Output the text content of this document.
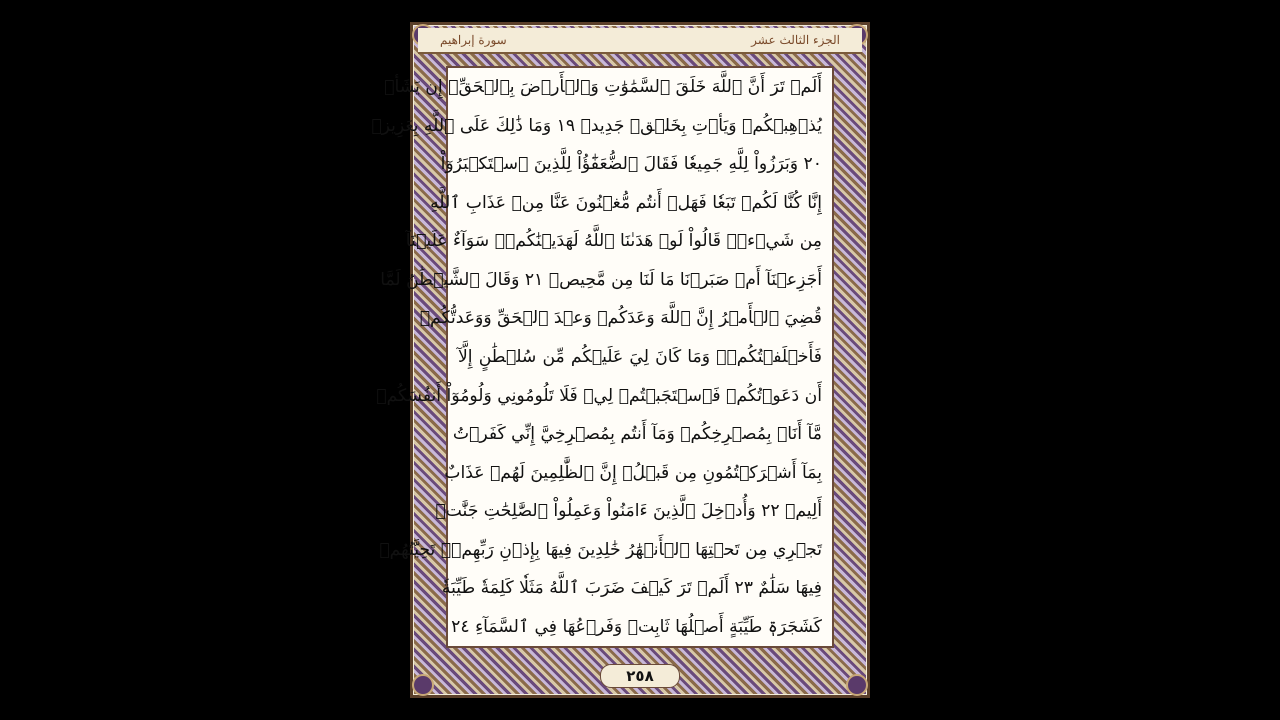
سورة إبراهيم	الجزء الثالث عشر
أَلَمۡ تَرَ أَنَّ ٱللَّهَ خَلَقَ ٱلسَّمَٰوَٰتِ وَٱلۡأَرۡضَ بِٱلۡحَقِّۚ إِن يَشَأۡ
يُذۡهِبۡكُمۡ وَيَأۡتِ بِخَلۡقٖ جَدِيدٖ ١٩ وَمَا ذَٰلِكَ عَلَى ٱللَّهِ بِعَزِيزٖ
٢٠ وَبَرَزُواْ لِلَّهِ جَمِيعٗا فَقَالَ ٱلضُّعَفَٰٓؤُاْ لِلَّذِينَ ٱسۡتَكۡبَرُوٓاْ
إِنَّا كُنَّا لَكُمۡ تَبَعٗا فَهَلۡ أَنتُم مُّغۡنُونَ عَنَّا مِنۡ عَذَابِ ٱللَّهِ
مِن شَيۡءٖۚ قَالُواْ لَوۡ هَدَىٰنَا ٱللَّهُ لَهَدَيۡنَٰكُمۡۖ سَوَآءٌ عَلَيۡنَآ
أَجَزِعۡنَآ أَمۡ صَبَرۡنَا مَا لَنَا مِن مَّحِيصٖ ٢١ وَقَالَ ٱلشَّيۡطَٰنُ لَمَّا
قُضِيَ ٱلۡأَمۡرُ إِنَّ ٱللَّهَ وَعَدَكُمۡ وَعۡدَ ٱلۡحَقِّ وَوَعَدتُّكُمۡ
فَأَخۡلَفۡتُكُمۡۖ وَمَا كَانَ لِيَ عَلَيۡكُم مِّن سُلۡطَٰنٍ إِلَّآ
أَن دَعَوۡتُكُمۡ فَٱسۡتَجَبۡتُمۡ لِيۖ فَلَا تَلُومُونِي وَلُومُوٓاْ أَنفُسَكُمۖ
مَّآ أَنَا۠ بِمُصۡرِخِكُمۡ وَمَآ أَنتُم بِمُصۡرِخِيَّ إِنِّي كَفَرۡتُ
بِمَآ أَشۡرَكۡتُمُونِ مِن قَبۡلُۗ إِنَّ ٱلظَّٰلِمِينَ لَهُمۡ عَذَابٌ
أَلِيمٞ ٢٢ وَأُدۡخِلَ ٱلَّذِينَ ءَامَنُواْ وَعَمِلُواْ ٱلصَّٰلِحَٰتِ جَنَّٰتٖ
تَجۡرِي مِن تَحۡتِهَا ٱلۡأَنۡهَٰرُ خَٰلِدِينَ فِيهَا بِإِذۡنِ رَبِّهِمۡۖ تَحِيَّتُهُمۡ
فِيهَا سَلَٰمٌ ٢٣ أَلَمۡ تَرَ كَيۡفَ ضَرَبَ ٱللَّهُ مَثَلٗا كَلِمَةٗ طَيِّبَةٗ
كَشَجَرَةٖ طَيِّبَةٍ أَصۡلُهَا ثَابِتٞ وَفَرۡعُهَا فِي ٱلسَّمَآءِ ٢٤
٢٥٨
